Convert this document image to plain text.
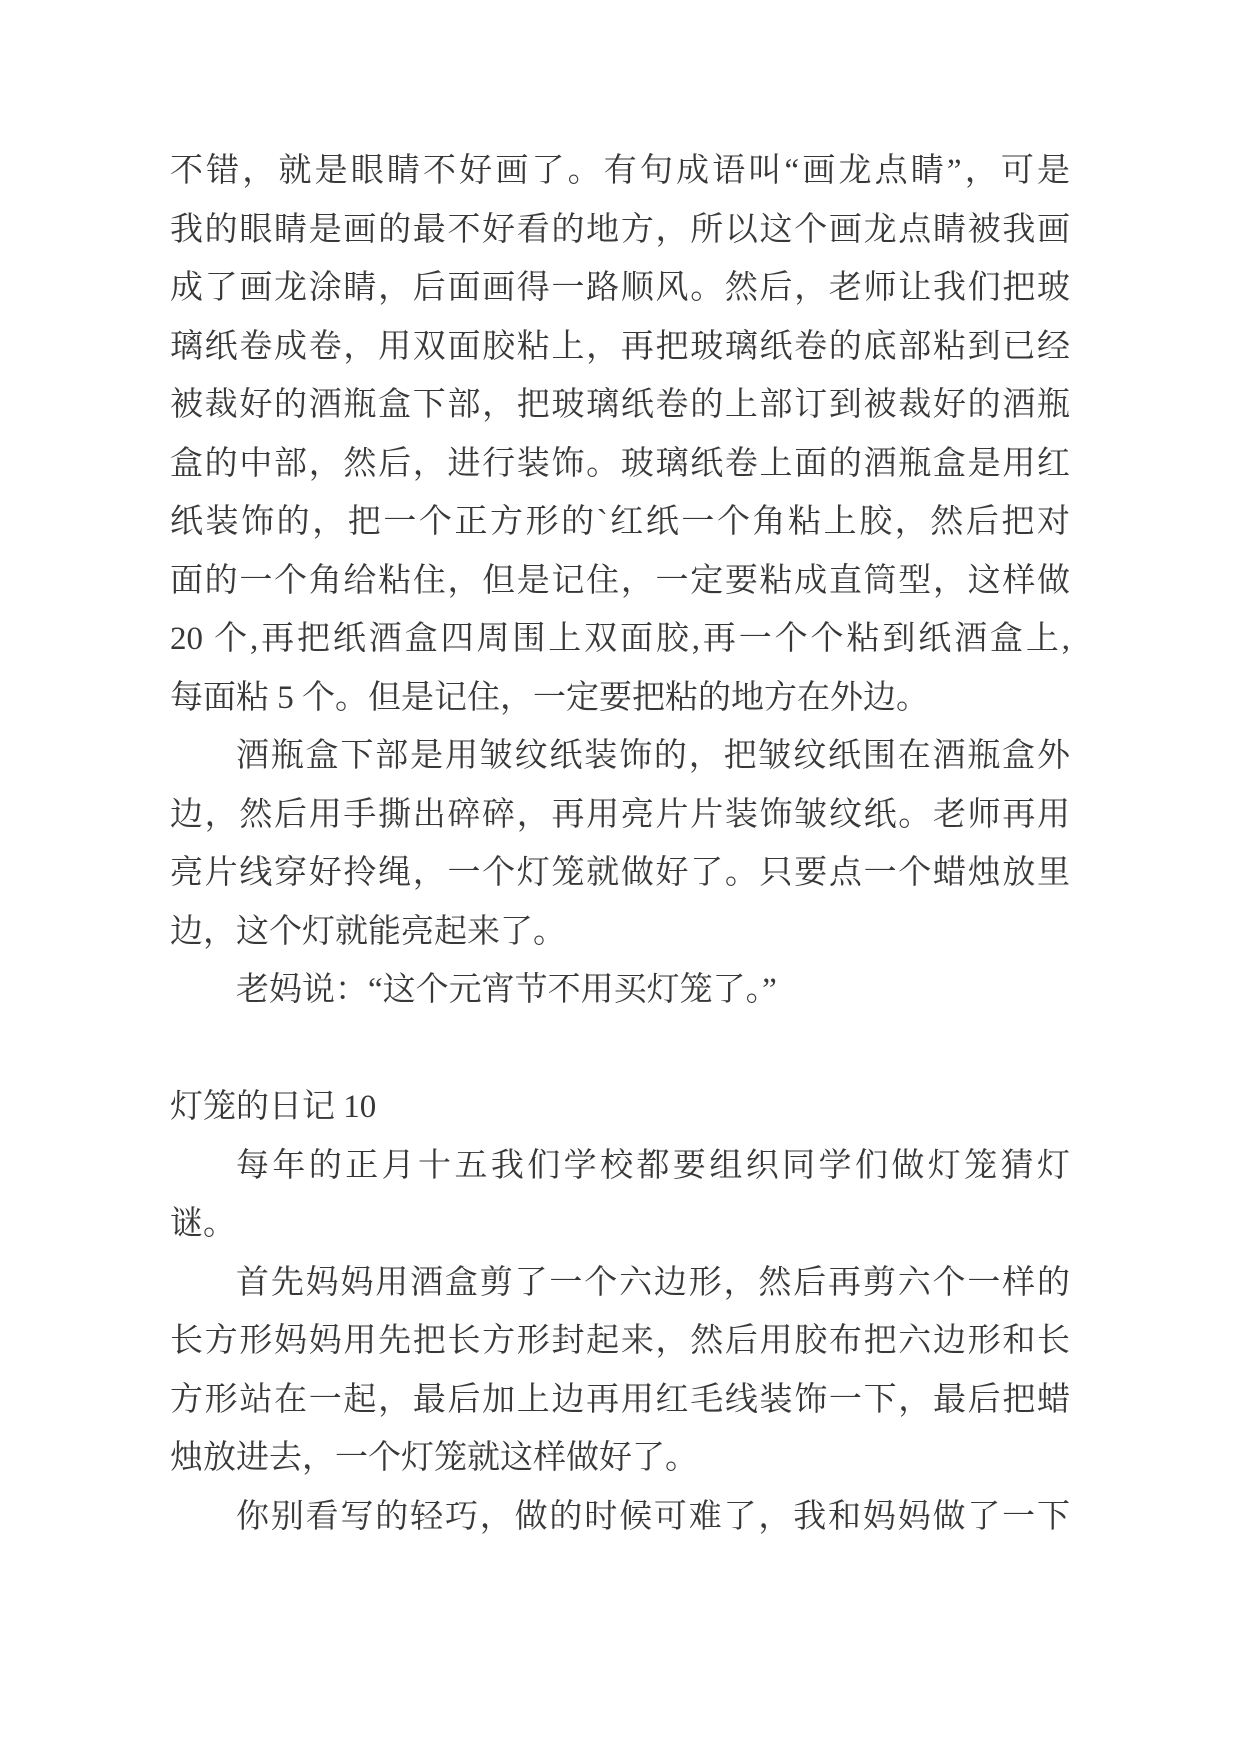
不错，就是眼睛不好画了。有句成语叫“画龙点睛”，可是
我的眼睛是画的最不好看的地方，所以这个画龙点睛被我画
成了画龙涂睛，后面画得一路顺风。然后，老师让我们把玻
璃纸卷成卷，用双面胶粘上，再把玻璃纸卷的底部粘到已经
被裁好的酒瓶盒下部，把玻璃纸卷的上部订到被裁好的酒瓶
盒的中部，然后，进行装饰。玻璃纸卷上面的酒瓶盒是用红
纸装饰的，把一个正方形的`红纸一个角粘上胶，然后把对
面的一个角给粘住，但是记住，一定要粘成直筒型，这样做
20 个,再把纸酒盒四周围上双面胶,再一个个粘到纸酒盒上,
每面粘 5 个。但是记住，一定要把粘的地方在外边。
酒瓶盒下部是用皱纹纸装饰的，把皱纹纸围在酒瓶盒外
边，然后用手撕出碎碎，再用亮片片装饰皱纹纸。老师再用
亮片线穿好拎绳，一个灯笼就做好了。只要点一个蜡烛放里
边，这个灯就能亮起来了。
老妈说：“这个元宵节不用买灯笼了。”
灯笼的日记 10
每年的正月十五我们学校都要组织同学们做灯笼猜灯
谜。
首先妈妈用酒盒剪了一个六边形，然后再剪六个一样的
长方形妈妈用先把长方形封起来，然后用胶布把六边形和长
方形站在一起，最后加上边再用红毛线装饰一下，最后把蜡
烛放进去，一个灯笼就这样做好了。
你别看写的轻巧，做的时候可难了，我和妈妈做了一下
